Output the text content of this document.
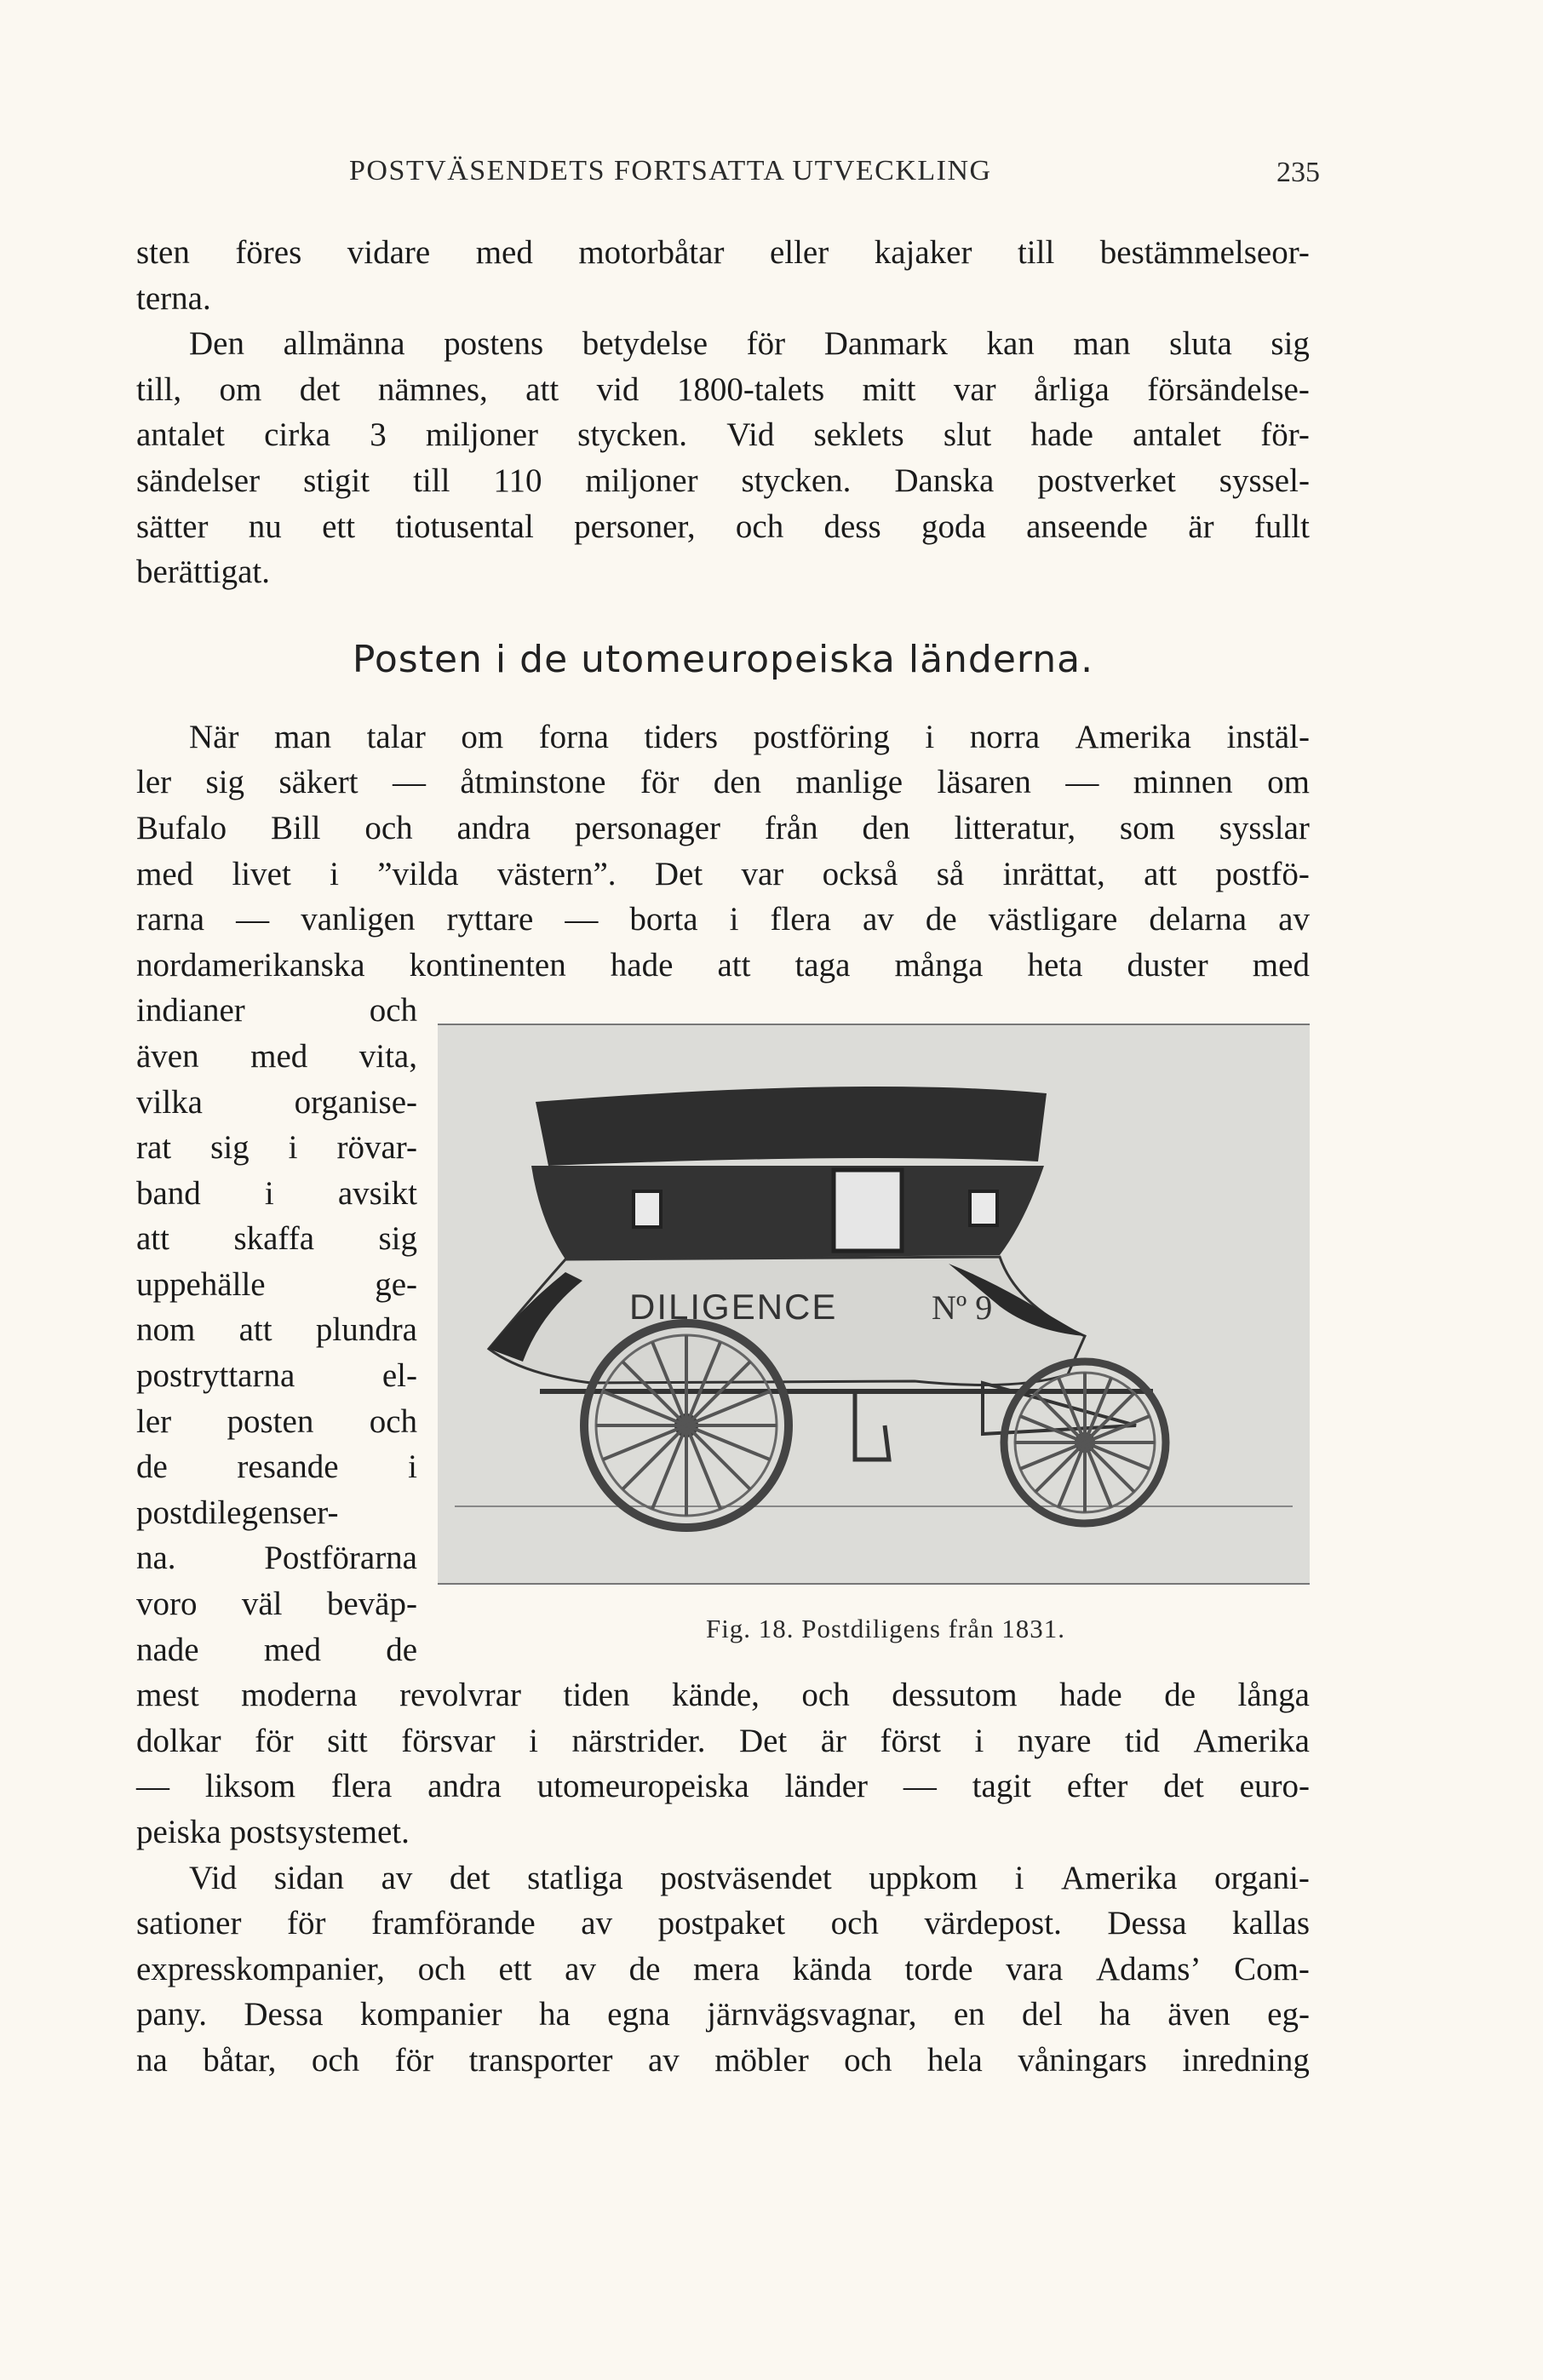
POSTVÄSENDETS FORTSATTA UTVECKLING	235
sten föres vidare med motorbåtar eller kajaker till bestämmelseor-
terna.
Den allmänna postens betydelse för Danmark kan man sluta sig
till, om det nämnes, att vid 1800-talets mitt var årliga försändelse-
antalet cirka 3 miljoner stycken. Vid seklets slut hade antalet för-
sändelser stigit till 110 miljoner stycken. Danska postverket syssel-
sätter nu ett tiotusental personer, och dess goda anseende är fullt
berättigat.
Posten i de utomeuropeiska länderna.
När man talar om forna tiders postföring i norra Amerika instäl-
ler sig säkert — åtminstone för den manlige läsaren — minnen om
Bufalo Bill och andra personager från den litteratur, som sysslar
med livet i ”vilda västern”. Det var också så inrättat, att postfö-
rarna — vanligen ryttare — borta i flera av de västligare delarna av
nordamerikanska kontinenten hade att taga många heta duster med
indianer	och
även med vita,
vilka	organise-
rat sig i rövar-
band i avsikt
att skaffa sig
uppehälle	ge-
nom att plundra
postryttarna	el-
ler posten och
de resande i
postdilegenser-
na.	Postförarna
voro väl beväp-
nade med de
DILIGENCE	Nº 9
Fig. 18. Postdiligens från 1831.
mest moderna revolvrar tiden kände, och dessutom hade de långa
dolkar för sitt försvar i närstrider. Det är först i nyare tid Amerika
— liksom flera andra utomeuropeiska länder — tagit efter det euro-
peiska postsystemet.
Vid sidan av det statliga postväsendet uppkom i Amerika organi-
sationer för framförande av postpaket och värdepost. Dessa kallas
expresskompanier, och ett av de mera kända torde vara Adams’ Com-
pany. Dessa kompanier ha egna järnvägsvagnar, en del ha även eg-
na båtar, och för transporter av möbler och hela våningars inredning
